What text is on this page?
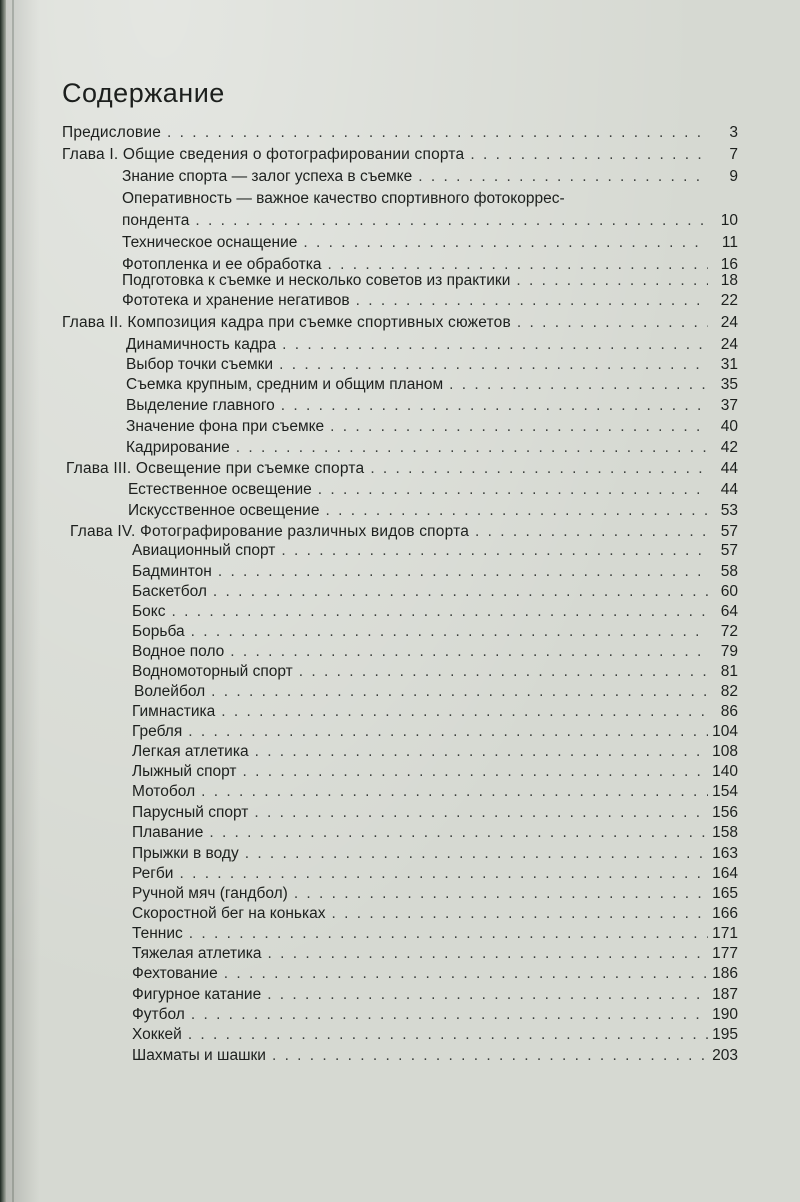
Содержание
Предисловие . . .	3
Глава I. Общие сведения о фотографировании спорта . . .	7
Знание спорта — залог успеха в съемке . . .	9
Оперативность — важное качество спортивного фотокоррес-
пондента . . .	10
Техническое оснащение . . .	11
Фотопленка и ее обработка . . .	16
Подготовка к съемке и несколько советов из практики . . .	18
Фототека и хранение негативов . . .	22
Глава II. Композиция кадра при съемке спортивных сюжетов . . .	24
Динамичность кадра . . .	24
Выбор точки съемки . . .	31
Съемка крупным, средним и общим планом . . .	35
Выделение главного . . .	37
Значение фона при съемке . . .	40
Кадрирование . . .	42
Глава III. Освещение при съемке спорта . . .	44
Естественное освещение . . .	44
Искусственное освещение . . .	53
Глава IV. Фотографирование различных видов спорта . . .	57
Авиационный спорт . . .	57
Бадминтон . . .	58
Баскетбол . . .	60
Бокс . . .	64
Борьба . . .	72
Водное поло . . .	79
Водномоторный спорт . . .	81
Волейбол . . .	82
Гимнастика . . .	86
Гребля . . .	104
Легкая атлетика . . .	108
Лыжный спорт . . .	140
Мотобол . . .	154
Парусный спорт . . .	156
Плавание . . .	158
Прыжки в воду . . .	163
Регби . . .	164
Ручной мяч (гандбол) . . .	165
Скоростной бег на коньках . . .	166
Теннис . . .	171
Тяжелая атлетика . . .	177
Фехтование . . .	186
Фигурное катание . . .	187
Футбол . . .	190
Хоккей . . .	195
Шахматы и шашки . . .	203
